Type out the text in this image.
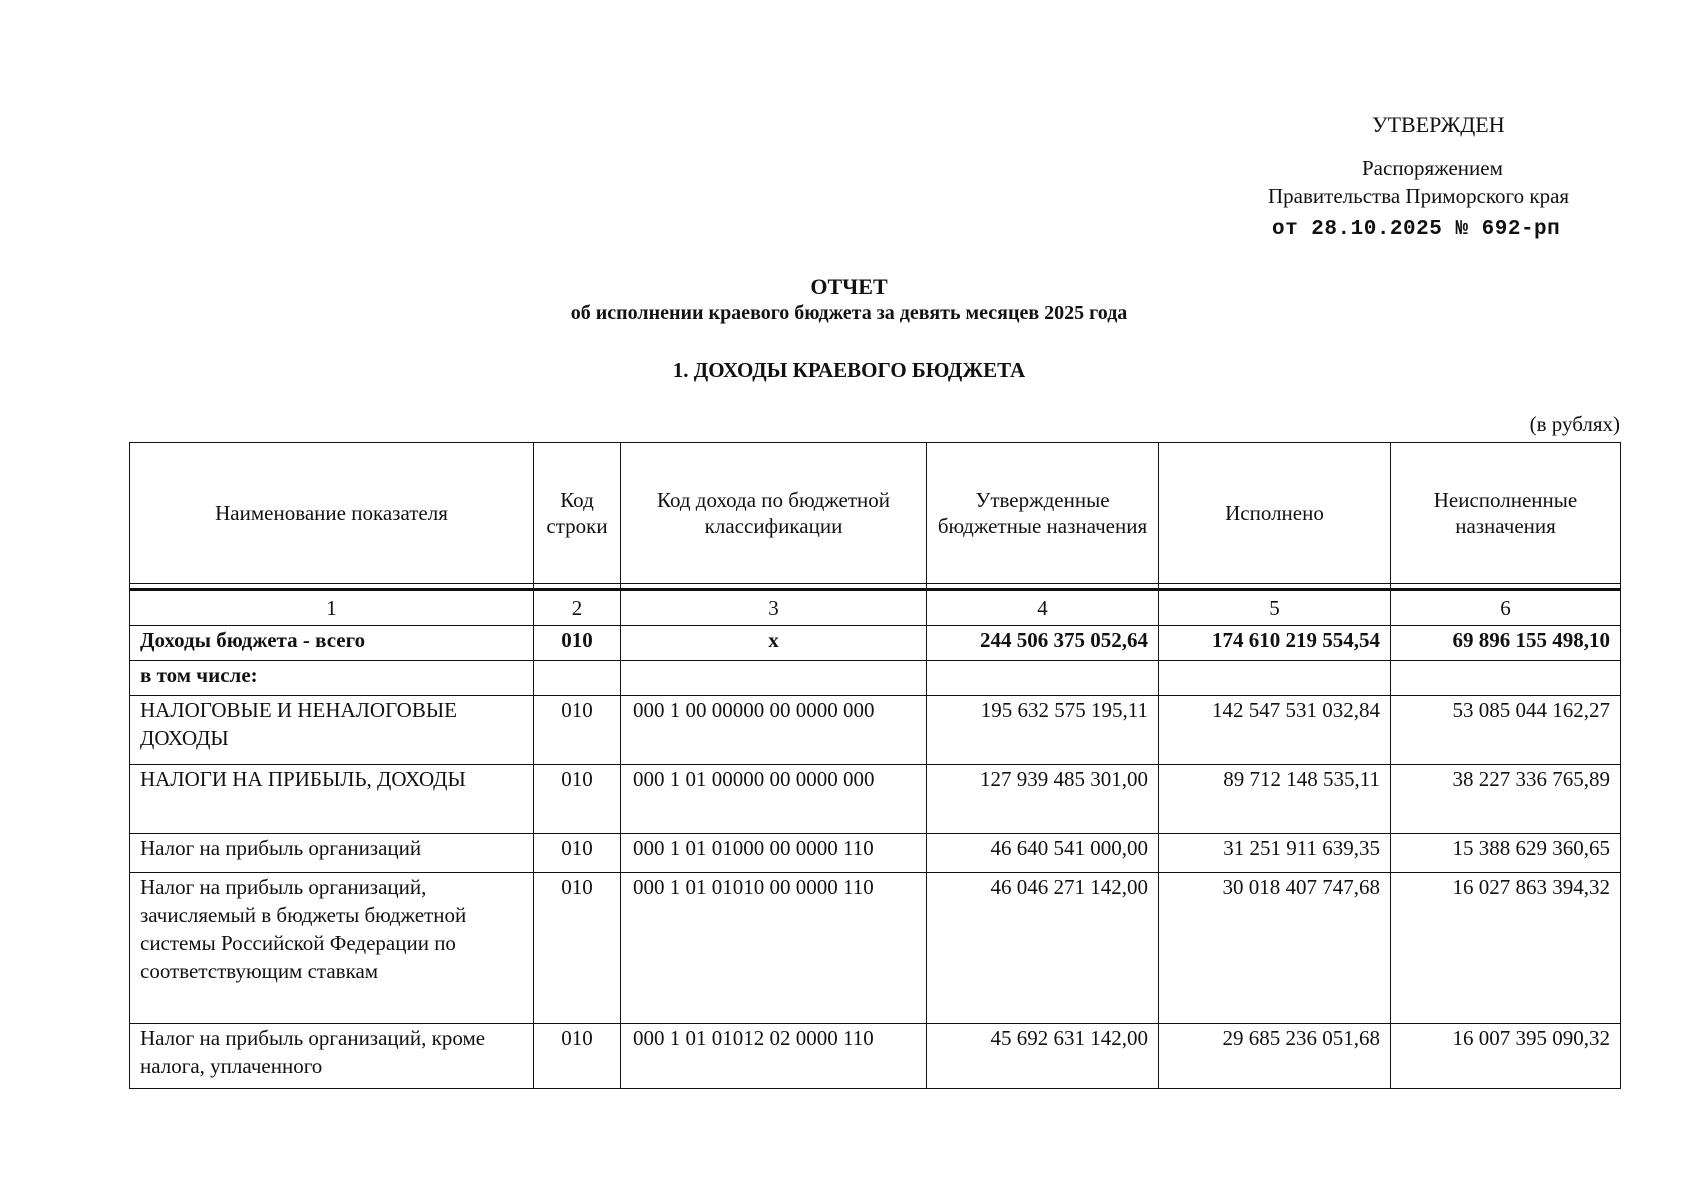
УТВЕРЖДЕН
Распоряжением
Правительства Приморского края
от 28.10.2025 № 692-рп
ОТЧЕТ
об исполнении краевого бюджета за девять месяцев 2025 года
1. ДОХОДЫ КРАЕВОГО БЮДЖЕТА
(в рублях)
Наименование показателя	Код строки	Код дохода по бюджетной классификации	Утвержденные бюджетные назначения	Исполнено	Неисполненные назначения

1	2	3	4	5	6
Доходы бюджета - всего	010	x	244 506 375 052,64	174 610 219 554,54	69 896 155 498,10
в том числе:					
НАЛОГОВЫЕ И НЕНАЛОГОВЫЕ ДОХОДЫ	010	000 1 00 00000 00 0000 000	195 632 575 195,11	142 547 531 032,84	53 085 044 162,27
НАЛОГИ НА ПРИБЫЛЬ, ДОХОДЫ	010	000 1 01 00000 00 0000 000	127 939 485 301,00	89 712 148 535,11	38 227 336 765,89
Налог на прибыль организаций	010	000 1 01 01000 00 0000 110	46 640 541 000,00	31 251 911 639,35	15 388 629 360,65
Налог на прибыль организаций, зачисляемый в бюджеты бюджетной системы Российской Федерации по соответствующим ставкам	010	000 1 01 01010 00 0000 110	46 046 271 142,00	30 018 407 747,68	16 027 863 394,32
Налог на прибыль организаций, кроме налога, уплаченного	010	000 1 01 01012 02 0000 110	45 692 631 142,00	29 685 236 051,68	16 007 395 090,32
